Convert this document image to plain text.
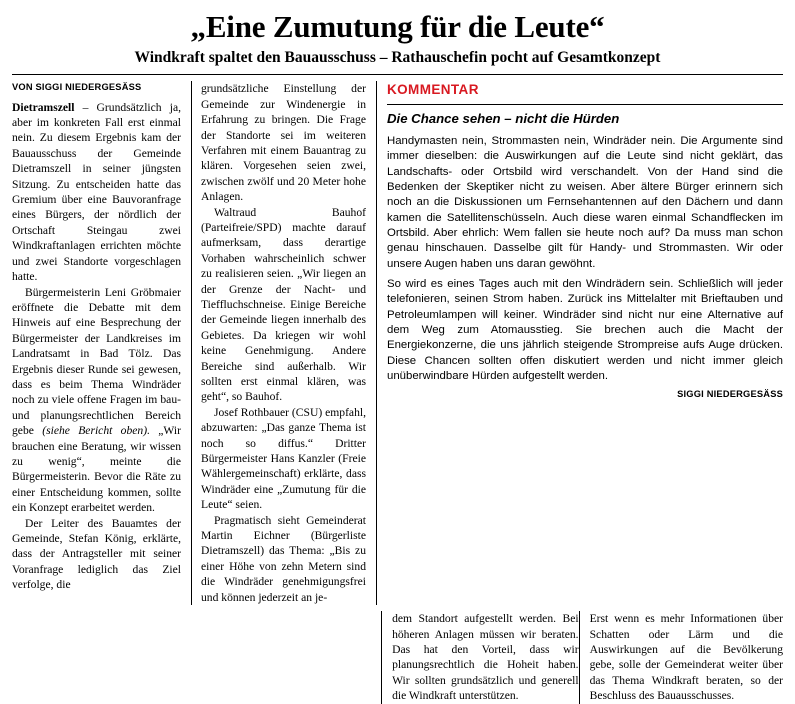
„Eine Zumutung für die Leute“
Windkraft spaltet den Bauausschuss – Rathauschefin pocht auf Gesamtkonzept
VON SIGGI NIEDERGESÄSS

Dietramszell – Grundsätzlich ja, aber im konkreten Fall erst einmal nein. Zu diesem Ergebnis kam der Bauausschuss der Gemeinde Dietramszell in seiner jüngsten Sitzung. Zu entscheiden hatte das Gremium über eine Bauvoranfrage eines Bürgers, der nördlich der Ortschaft Steingau zwei Windkraftanlagen errichten möchte und zwei Standorte vorgeschlagen hatte.

Bürgermeisterin Leni Gröbmaier eröffnete die Debatte mit dem Hinweis auf eine Besprechung der Bürgermeister der Landkreises im Landratsamt in Bad Tölz. Das Ergebnis dieser Runde sei gewesen, dass es beim Thema Windräder noch zu viele offene Fragen im bau- und planungsrechtlichen Bereich gebe (siehe Bericht oben). „Wir brauchen eine Beratung, wir wissen zu wenig“, meinte die Bürgermeisterin. Bevor die Räte zu einer Entscheidung kommen, sollte ein Konzept erarbeitet werden.

Der Leiter des Bauamtes der Gemeinde, Stefan König, erklärte, dass der Antragsteller mit seiner Voranfrage lediglich das Ziel verfolge, die

grundsätzliche Einstellung der Gemeinde zur Windenergie in Erfahrung zu bringen. Die Frage der Standorte sei im weiteren Verfahren mit einem Bauantrag zu klären. Vorgesehen seien zwei, zwischen zwölf und 20 Meter hohe Anlagen.

Waltraud Bauhof (Parteifreie/SPD) machte darauf aufmerksam, dass derartige Vorhaben wahrscheinlich schwer zu realisieren seien. „Wir liegen an der Grenze der Nacht- und Tieffluchschneise. Einige Bereiche der Gemeinde liegen innerhalb des Gebietes. Da kriegen wir wohl keine Genehmigung. Andere Bereiche sind außerhalb. Wir sollten erst einmal klären, was geht“, so Bauhof.

Josef Rothbauer (CSU) empfahl, abzuwarten: „Das ganze Thema ist noch so diffus.“ Dritter Bürgermeister Hans Kanzler (Freie Wählergemeinschaft) erklärte, dass Windräder eine „Zumutung für die Leute“ seien.

Pragmatisch sieht Gemeinderat Martin Eichner (Bürgerliste Dietramszell) das Thema: „Bis zu einer Höhe von zehn Metern sind die Windräder genehmigungsfrei und können jederzeit an je-

KOMMENTAR
Die Chance sehen – nicht die Hürden

Handymasten nein, Strommasten nein, Windräder nein. Die Argumente sind immer dieselben: die Auswirkungen auf die Leute sind nicht geklärt, das Landschafts- oder Ortsbild wird verschandelt. Von der Hand sind die Bedenken der Skeptiker nicht zu weisen. Aber ältere Bürger erinnern sich noch an die Diskussionen um Fernsehantennen auf den Dächern und dann kamen die Satellitenschüsseln. Auch diese waren einmal Schandflecken im Ortsbild. Aber ehrlich: Wem fallen sie heute noch auf? Da muss man schon genau hinschauen. Dasselbe gilt für Handy- und Strommasten. Wir oder unsere Augen haben uns daran gewöhnt.

So wird es eines Tages auch mit den Windrädern sein. Schließlich will jeder telefonieren, seinen Strom haben. Zurück ins Mittelalter mit Brieftauben und Petroleumlampen will keiner. Windräder sind nicht nur eine Alternative auf dem Weg zum Atomausstieg. Sie brechen auch die Macht der Energiekonzerne, die uns jährlich steigende Strompreise aufs Auge drücken. Diese Chancen sollten offen diskutiert werden und nicht immer gleich unüberwindbare Hürden aufgestellt werden.

SIGGI NIEDERGESÄSS

dem Standort aufgestellt werden. Bei höheren Anlagen müssen wir beraten. Das hat den Vorteil, dass wir planungsrechtlich die Hoheit haben. Wir sollten grundsätzlich und generell die Windkraft unterstützen.

Erst wenn es mehr Informationen über Schatten oder Lärm und die Auswirkungen auf die Bevölkerung gebe, solle der Gemeinderat weiter über das Thema Windkraft beraten, so der Beschluss des Bauausschusses.
